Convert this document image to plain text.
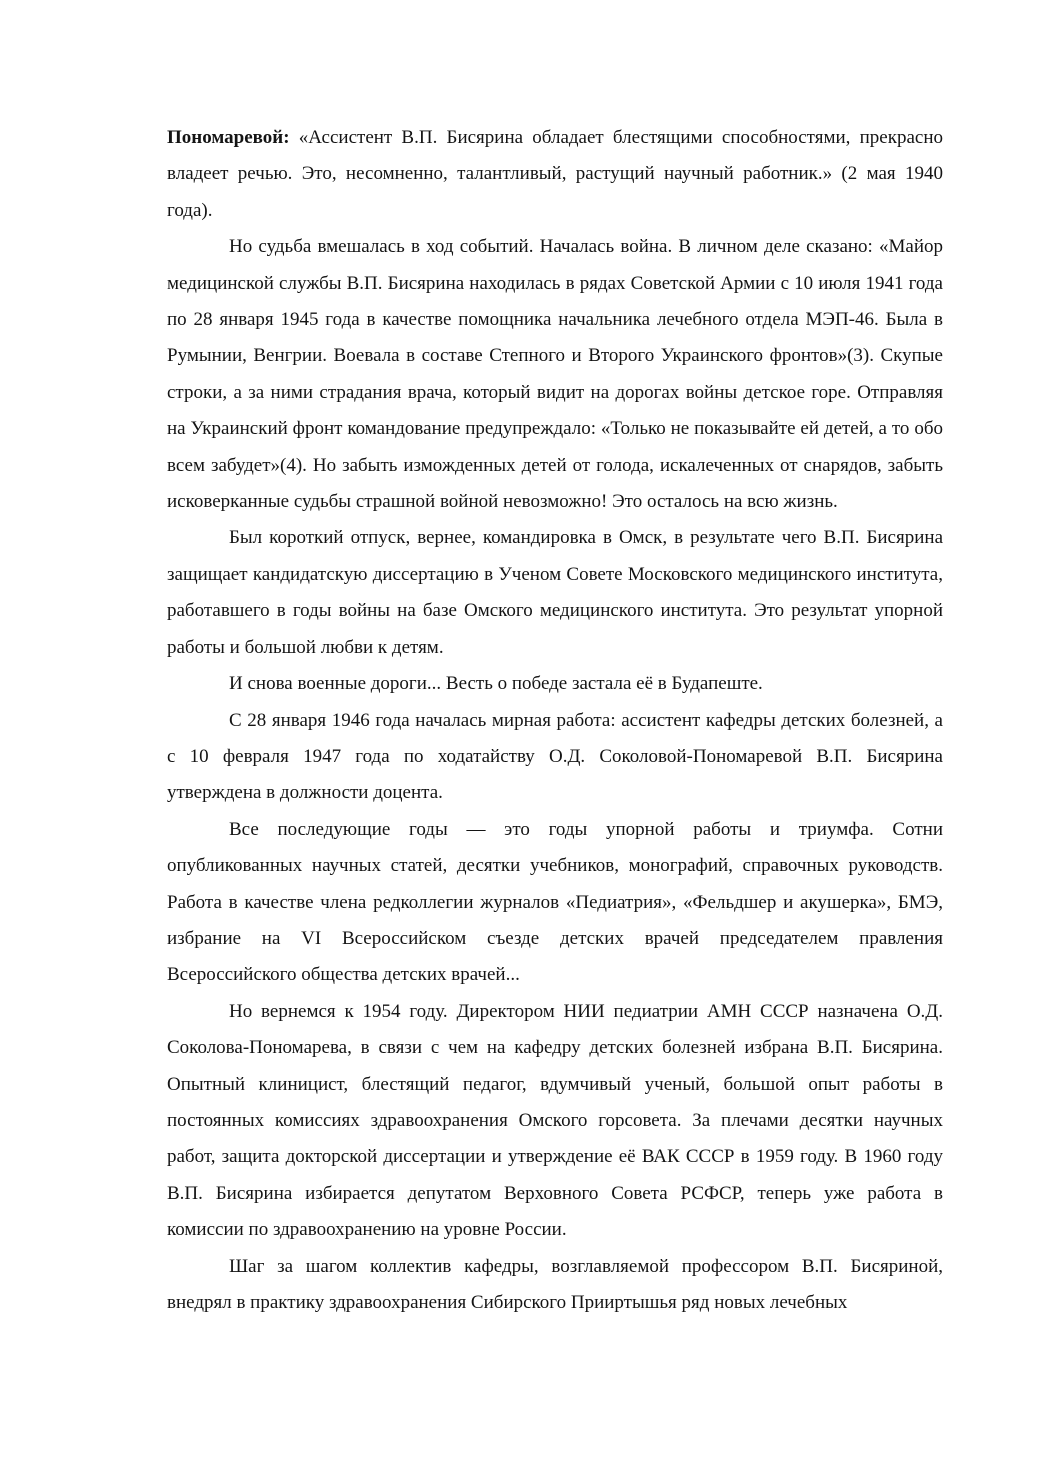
Пономаревой: «Ассистент В.П. Бисярина обладает блестящими способностями, прекрасно владеет речью. Это, несомненно, талантливый, растущий научный работник.» (2 мая 1940 года).

Но судьба вмешалась в ход событий. Началась война. В личном деле сказано: «Майор медицинской службы В.П. Бисярина находилась в рядах Советской Армии с 10 июля 1941 года по 28 января 1945 года в качестве помощника начальника лечебного отдела МЭП-46. Была в Румынии, Венгрии. Воевала в составе Степного и Второго Украинского фронтов»(3). Скупые строки, а за ними страдания врача, который видит на дорогах войны детское горе. Отправляя на Украинский фронт командование предупреждало: «Только не показывайте ей детей, а то обо всем забудет»(4). Но забыть изможденных детей от голода, искалеченных от снарядов, забыть исковерканные судьбы страшной войной невозможно! Это осталось на всю жизнь.

Был короткий отпуск, вернее, командировка в Омск, в результате чего В.П. Бисярина защищает кандидатскую диссертацию в Ученом Совете Московского медицинского института, работавшего в годы войны на базе Омского медицинского института. Это результат упорной работы и большой любви к детям.

И снова военные дороги... Весть о победе застала её в Будапеште.

С 28 января 1946 года началась мирная работа: ассистент кафедры детских болезней, а с 10 февраля 1947 года по ходатайству О.Д. Соколовой-Пономаревой В.П. Бисярина утверждена в должности доцента.

Все последующие годы — это годы упорной работы и триумфа. Сотни опубликованных научных статей, десятки учебников, монографий, справочных руководств. Работа в качестве члена редколлегии журналов «Педиатрия», «Фельдшер и акушерка», БМЭ, избрание на VI Всероссийском съезде детских врачей председателем правления Всероссийского общества детских врачей...

Но вернемся к 1954 году. Директором НИИ педиатрии АМН СССР назначена О.Д. Соколова-Пономарева, в связи с чем на кафедру детских болезней избрана В.П. Бисярина. Опытный клиницист, блестящий педагог, вдумчивый ученый, большой опыт работы в постоянных комиссиях здравоохранения Омского горсовета. За плечами десятки научных работ, защита докторской диссертации и утверждение её ВАК СССР в 1959 году. В 1960 году В.П. Бисярина избирается депутатом Верховного Совета РСФСР, теперь уже работа в комиссии по здравоохранению на уровне России.

Шаг за шагом коллектив кафедры, возглавляемой профессором В.П. Бисяриной, внедрял в практику здравоохранения Сибирского Прииртышья ряд новых лечебных
